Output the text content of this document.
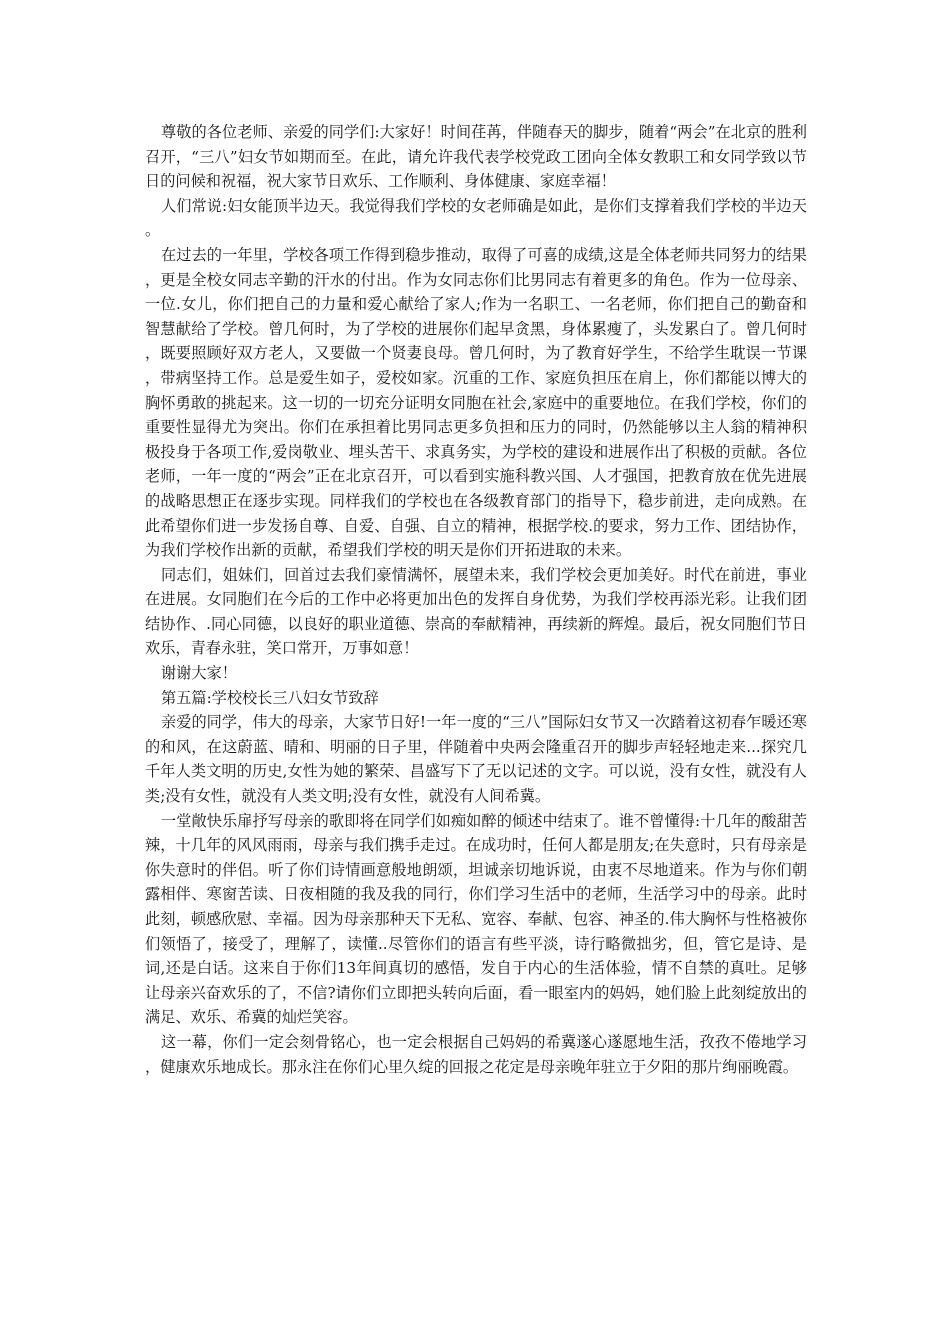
尊敬的各位老师、亲爱的同学们:大家好！时间荏苒，伴随春天的脚步，随着“两会”在北京的胜利召开，“三八”妇女节如期而至。在此，请允许我代表学校党政工团向全体女教职工和女同学致以节日的问候和祝福，祝大家节日欢乐、工作顺利、身体健康、家庭幸福！

人们常说:妇女能顶半边天。我觉得我们学校的女老师确是如此，是你们支撑着我们学校的半边天。

在过去的一年里，学校各项工作得到稳步推动，取得了可喜的成绩,这是全体老师共同努力的结果，更是全校女同志辛勤的汗水的付出。作为女同志你们比男同志有着更多的角色。作为一位母亲、一位.女儿，你们把自己的力量和爱心献给了家人;作为一名职工、一名老师，你们把自己的勤奋和智慧献给了学校。曾几何时，为了学校的进展你们起早贪黑，身体累瘦了，头发累白了。曾几何时，既要照顾好双方老人，又要做一个贤妻良母。曾几何时，为了教育好学生，不给学生耽误一节课，带病坚持工作。总是爱生如子，爱校如家。沉重的工作、家庭负担压在肩上，你们都能以博大的胸怀勇敢的挑起来。这一切的一切充分证明女同胞在社会,家庭中的重要地位。在我们学校，你们的重要性显得尤为突出。你们在承担着比男同志更多负担和压力的同时，仍然能够以主人翁的精神积极投身于各项工作,爱岗敬业、埋头苦干、求真务实，为学校的建设和进展作出了积极的贡献。各位老师，一年一度的“两会”正在北京召开，可以看到实施科教兴国、人才强国，把教育放在优先进展的战略思想正在逐步实现。同样我们的学校也在各级教育部门的指导下，稳步前进，走向成熟。在此希望你们进一步发扬自尊、自爱、自强、自立的精神，根据学校.的要求，努力工作、团结协作，为我们学校作出新的贡献，希望我们学校的明天是你们开拓进取的未来。

同志们，姐妹们，回首过去我们豪情满怀，展望未来，我们学校会更加美好。时代在前进，事业在进展。女同胞们在今后的工作中必将更加出色的发挥自身优势，为我们学校再添光彩。让我们团结协作、.同心同德，以良好的职业道德、崇高的奉献精神，再续新的辉煌。最后，祝女同胞们节日欢乐，青春永驻，笑口常开，万事如意！

谢谢大家！

第五篇:学校校长三八妇女节致辞

亲爱的同学，伟大的母亲，大家节日好!一年一度的“三八”国际妇女节又一次踏着这初春乍暖还寒的和风，在这蔚蓝、晴和、明丽的日子里，伴随着中央两会隆重召开的脚步声轻轻地走来...探究几千年人类文明的历史,女性为她的繁荣、昌盛写下了无以记述的文字。可以说，没有女性，就没有人类;没有女性，就没有人类文明;没有女性，就没有人间希冀。

一堂敞快乐扉抒写母亲的歌即将在同学们如痴如醉的倾述中结束了。谁不曾懂得:十几年的酸甜苦辣，十几年的风风雨雨，母亲与我们携手走过。在成功时，任何人都是朋友;在失意时，只有母亲是你失意时的伴侣。听了你们诗情画意般地朗颂，坦诚亲切地诉说，由衷不尽地道来。作为与你们朝露相伴、寒窗苦读、日夜相随的我及我的同行，你们学习生活中的老师，生活学习中的母亲。此时此刻，顿感欣慰、幸福。因为母亲那种天下无私、宽容、奉献、包容、神圣的.伟大胸怀与性格被你们领悟了，接受了，理解了，读懂..尽管你们的语言有些平淡，诗行略微拙劣，但，管它是诗、是词,还是白话。这来自于你们13年间真切的感悟，发自于内心的生活体验，情不自禁的真吐。足够让母亲兴奋欢乐的了，不信?请你们立即把头转向后面，看一眼室内的妈妈，她们脸上此刻绽放出的满足、欢乐、希冀的灿烂笑容。

这一幕，你们一定会刻骨铭心，也一定会根据自己妈妈的希冀遂心遂愿地生活，孜孜不倦地学习，健康欢乐地成长。那永注在你们心里久绽的回报之花定是母亲晚年驻立于夕阳的那片绚丽晚霞。
